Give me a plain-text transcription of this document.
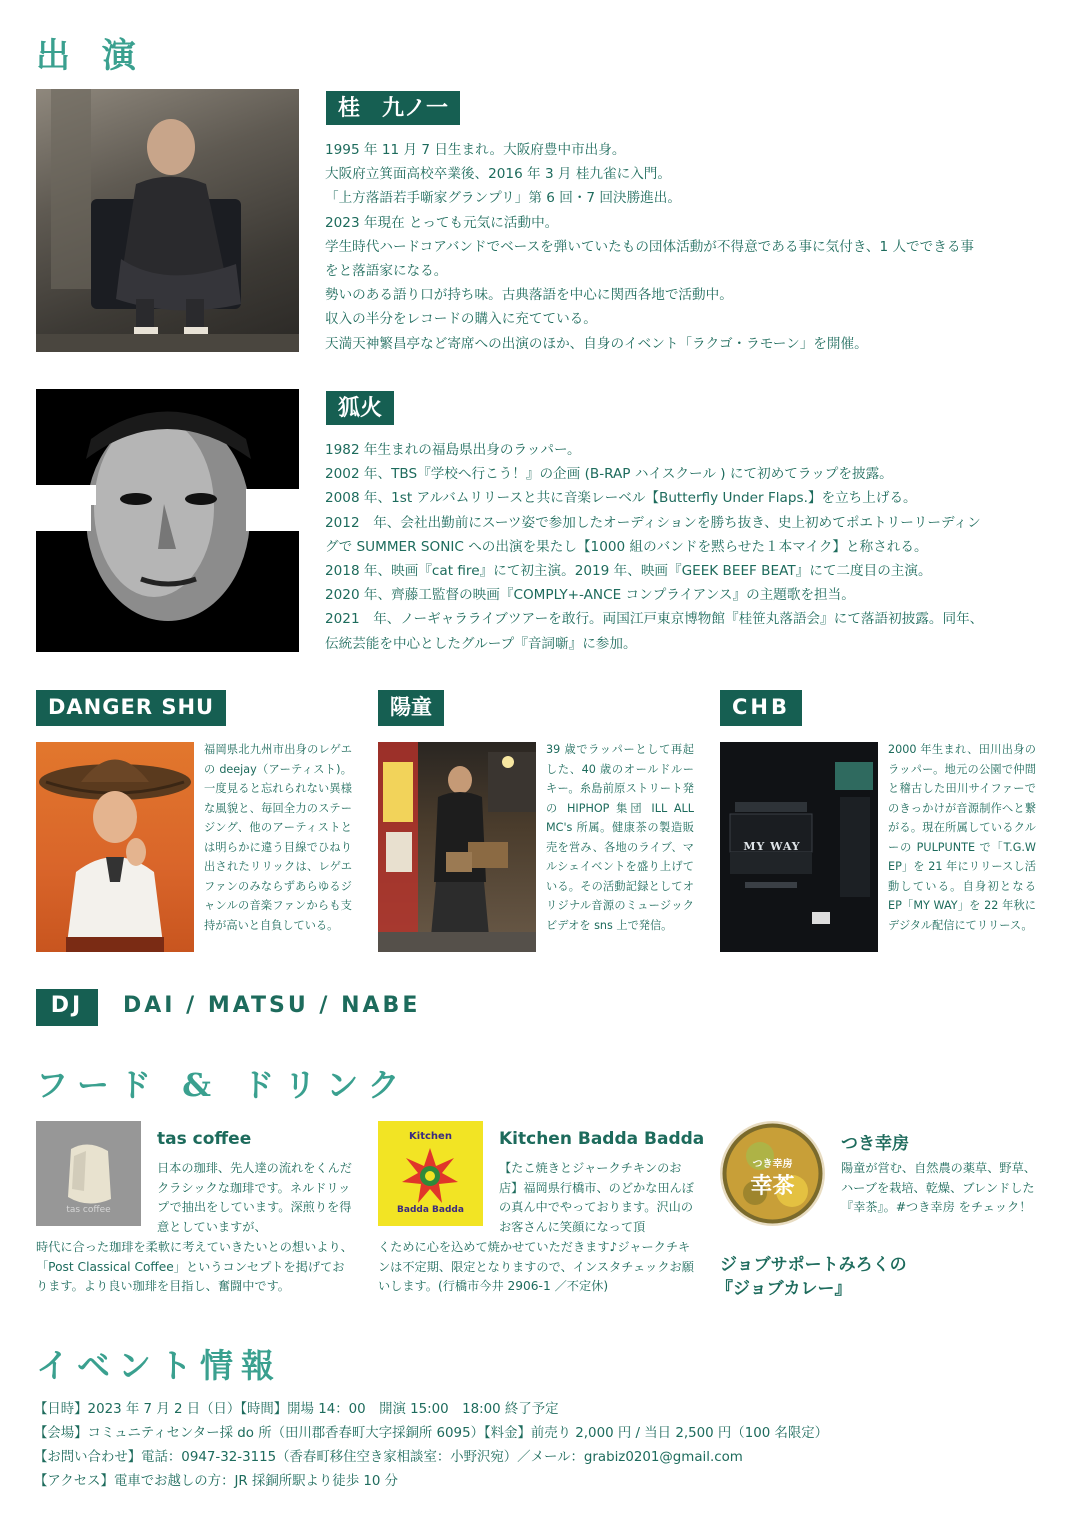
出 演
桂　九ノ一

1995 年 11 月 7 日生まれ。大阪府豊中市出身。

大阪府立箕面高校卒業後、2016 年 3 月 桂九雀に入門。

「上方落語若手噺家グランプリ」第 6 回・7 回決勝進出。

2023 年現在 とっても元気に活動中。

学生時代ハードコアバンドでベースを弾いていたもの団体活動が不得意である事に気付き、1 人でできる事

をと落語家になる。

勢いのある語り口が持ち味。古典落語を中心に関西各地で活動中。

収入の半分をレコードの購入に充てている。

天満天神繁昌亭など寄席への出演のほか、自身のイベント「ラクゴ・ラモーン」を開催。

狐火

1982 年生まれの福島県出身のラッパー。

2002 年、TBS『学校へ行こう！』の企画 (B-RAP ハイスクール ) にて初めてラップを披露。

2008 年、1st アルバムリリースと共に音楽レーベル【Butterfly Under Flaps.】を立ち上げる。

2012　年、会社出勤前にスーツ姿で参加したオーディションを勝ち抜き、史上初めてポエトリーリーディン

グで SUMMER SONIC への出演を果たし【1000 組のバンドを黙らせた１本マイク】と称される。

2018 年、映画『cat fire』にて初主演。2019 年、映画『GEEK BEEF BEAT』にて二度目の主演。

2020 年、齊藤工監督の映画『COMPLY+-ANCE コンプライアンス』の主題歌を担当。

2021　年、ノーギャラライブツアーを敢行。両国江戸東京博物館『桂笹丸落語会』にて落語初披露。同年、

伝統芸能を中心としたグループ『音詞噺』に参加。

DANGER SHU
福岡県北九州市出身のレゲエの deejay（アーティスト)。一度見ると忘れられない異様な風貌と、毎回全力のステージング、他のアーティストとは明らかに違う目線でひねり出されたリリックは、レゲエファンのみならずあらゆるジャンルの音楽ファンからも支持が高いと自負している。
陽童
39 歳でラッパーとして再起した、40 歳のオールドルーキー。糸島前原ストリート発の HIPHOP 集団 ILL ALL MC's 所属。健康茶の製造販売を営み、各地のライブ、マルシェイベントを盛り上げている。その活動記録としてオリジナル音源のミュージックビデオを sns 上で発信。
CHB
MY WAY
2000 年生まれ、田川出身のラッパー。地元の公園で仲間と稽古した田川サイファーでのきっかけが音源制作へと繋がる。現在所属しているクルーの PULPUNTE で「T.G.W EP」を 21 年にリリースし活動している。自身初となる EP「MY WAY」を 22 年秋にデジタル配信にてリリース。
DJ	DAI / MATSU / NABE
フード & ドリンク
tas coffee
tas coffee
日本の珈琲、先人達の流れをくんだクラシックな珈琲です。ネルドリップで抽出をしています。深煎りを得意としていますが、
時代に合った珈琲を柔軟に考えていきたいとの想いより、「Post Classical Coffee」というコンセプトを掲げております。より良い珈琲を目指し、奮闘中です。
Kitchen
Badda Badda
Kitchen Badda Badda
【たこ焼きとジャークチキンのお店】福岡県行橋市、のどかな田んぼの真ん中でやっております。沢山のお客さんに笑顔になって頂
くために心を込めて焼かせていただきます♪ジャークチキンは不定期、限定となりますので、インスタチェックお願いします。(行橋市今井 2906-1 ／不定休)
つき幸房
幸茶
つき幸房
陽童が営む、自然農の薬草、野草、ハーブを栽培、乾燥、ブレンドした『幸茶』。#つき幸房 をチェック！
ジョブサポートみろくの
『ジョブカレー』
イベント情報
【日時】2023 年 7 月 2 日（日）【時間】開場 14：00　開演 15:00　18:00 終了予定
【会場】コミュニティセンター採 do 所（田川郡香春町大字採銅所 6095）【料金】前売り 2,000 円 / 当日 2,500 円（100 名限定）
【お問い合わせ】電話：0947-32-3115（香春町移住空き家相談室：小野沢宛）／メール：grabiz0201@gmail.com
【アクセス】電車でお越しの方：JR 採銅所駅より徒歩 10 分
